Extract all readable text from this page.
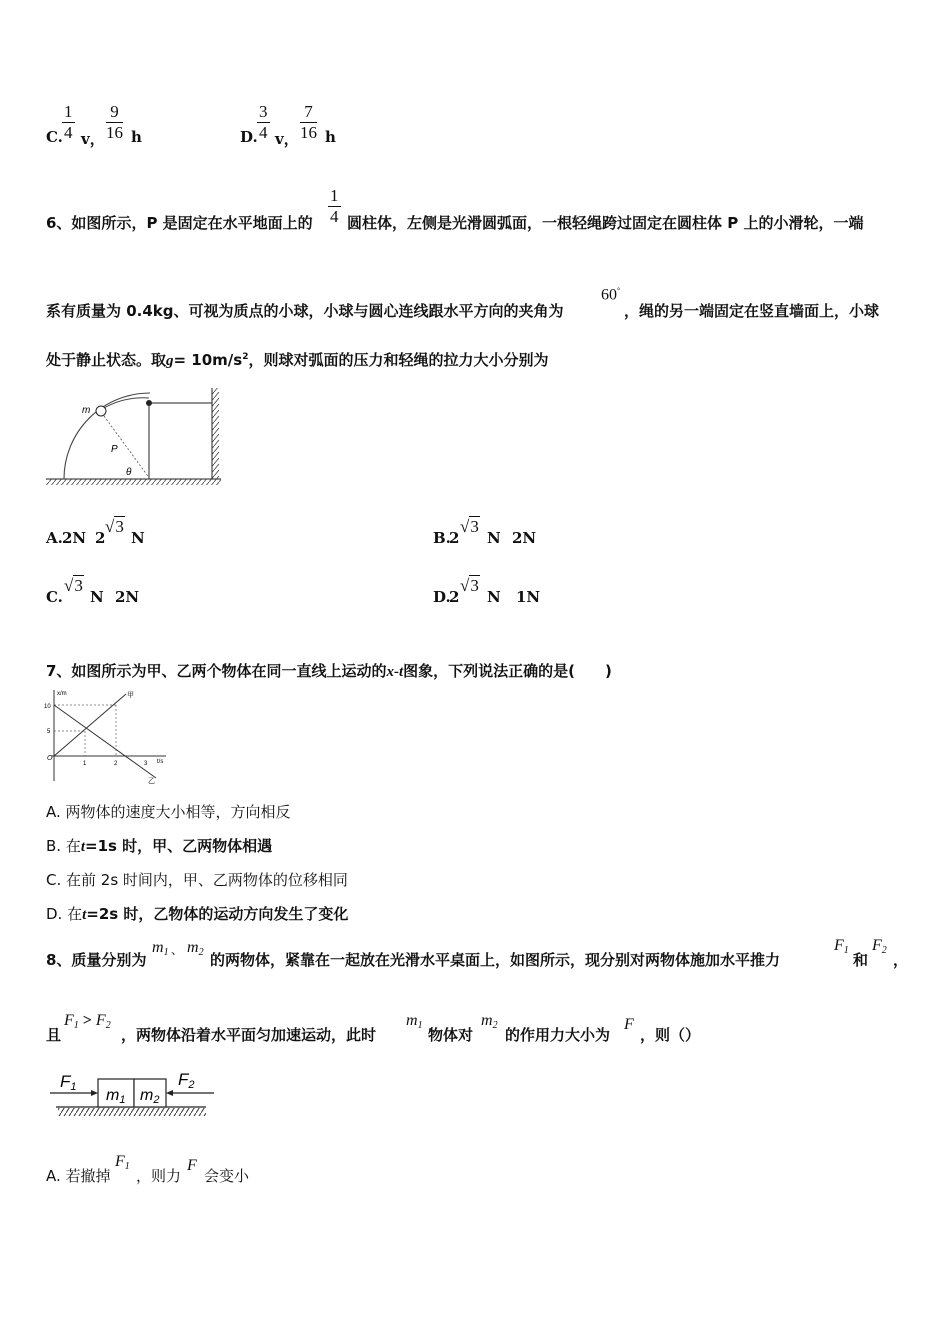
C. $\frac{1}{4}$ v， $\frac{9}{16}$ h	D. $\frac{3}{4}$ v， $\frac{7}{16}$ h
6、如图所示，P 是固定在水平地面上的 $\frac{1}{4}$ 圆柱体，左侧是光滑圆弧面，一根轻绳跨过固定在圆柱体 P 上的小滑轮，一端
系有质量为 0.4kg、可视为质点的小球，小球与圆心连线跟水平方向的夹角为
60°
，绳的另一端固定在竖直墙面上，小球
处于静止状态。取$g= 10m/s^2$，则球对弧面的压力和轻绳的拉力大小分别为
m
P
θ
A. 2N 2
√3
N	B.
2
√3
N 2N
C.
√3
N 2N	D.
2
√3
N 1N
7、如图所示为甲、乙两个物体在同一直线上运动的x-t图象，下列说法正确的是(　　)
x/m
t/s
O
10
5
1	2	3
甲
乙
A. 两物体的速度大小相等，方向相反
B. 在t=1s 时，甲、乙两物体相遇
C. 在前 2s 时间内，甲、乙两物体的位移相同
D. 在t=2s 时，乙物体的运动方向发生了变化
8、质量分别为
$m_1$ 、 $m_2$ 的两物体，紧靠在一起放在光滑水平桌面上，如图所示，现分别对两物体施加水平推力
$F_1$
和
$F_2$
，
且
$F_1 > F_2$
，两物体沿着水平面匀加速运动，此时
$m_1$
物体对
$m_2$
的作用力大小为
F
，则（）
F1	F2
m1 m2
A. 若撤掉
$F_1$
，则力
F
会变小
